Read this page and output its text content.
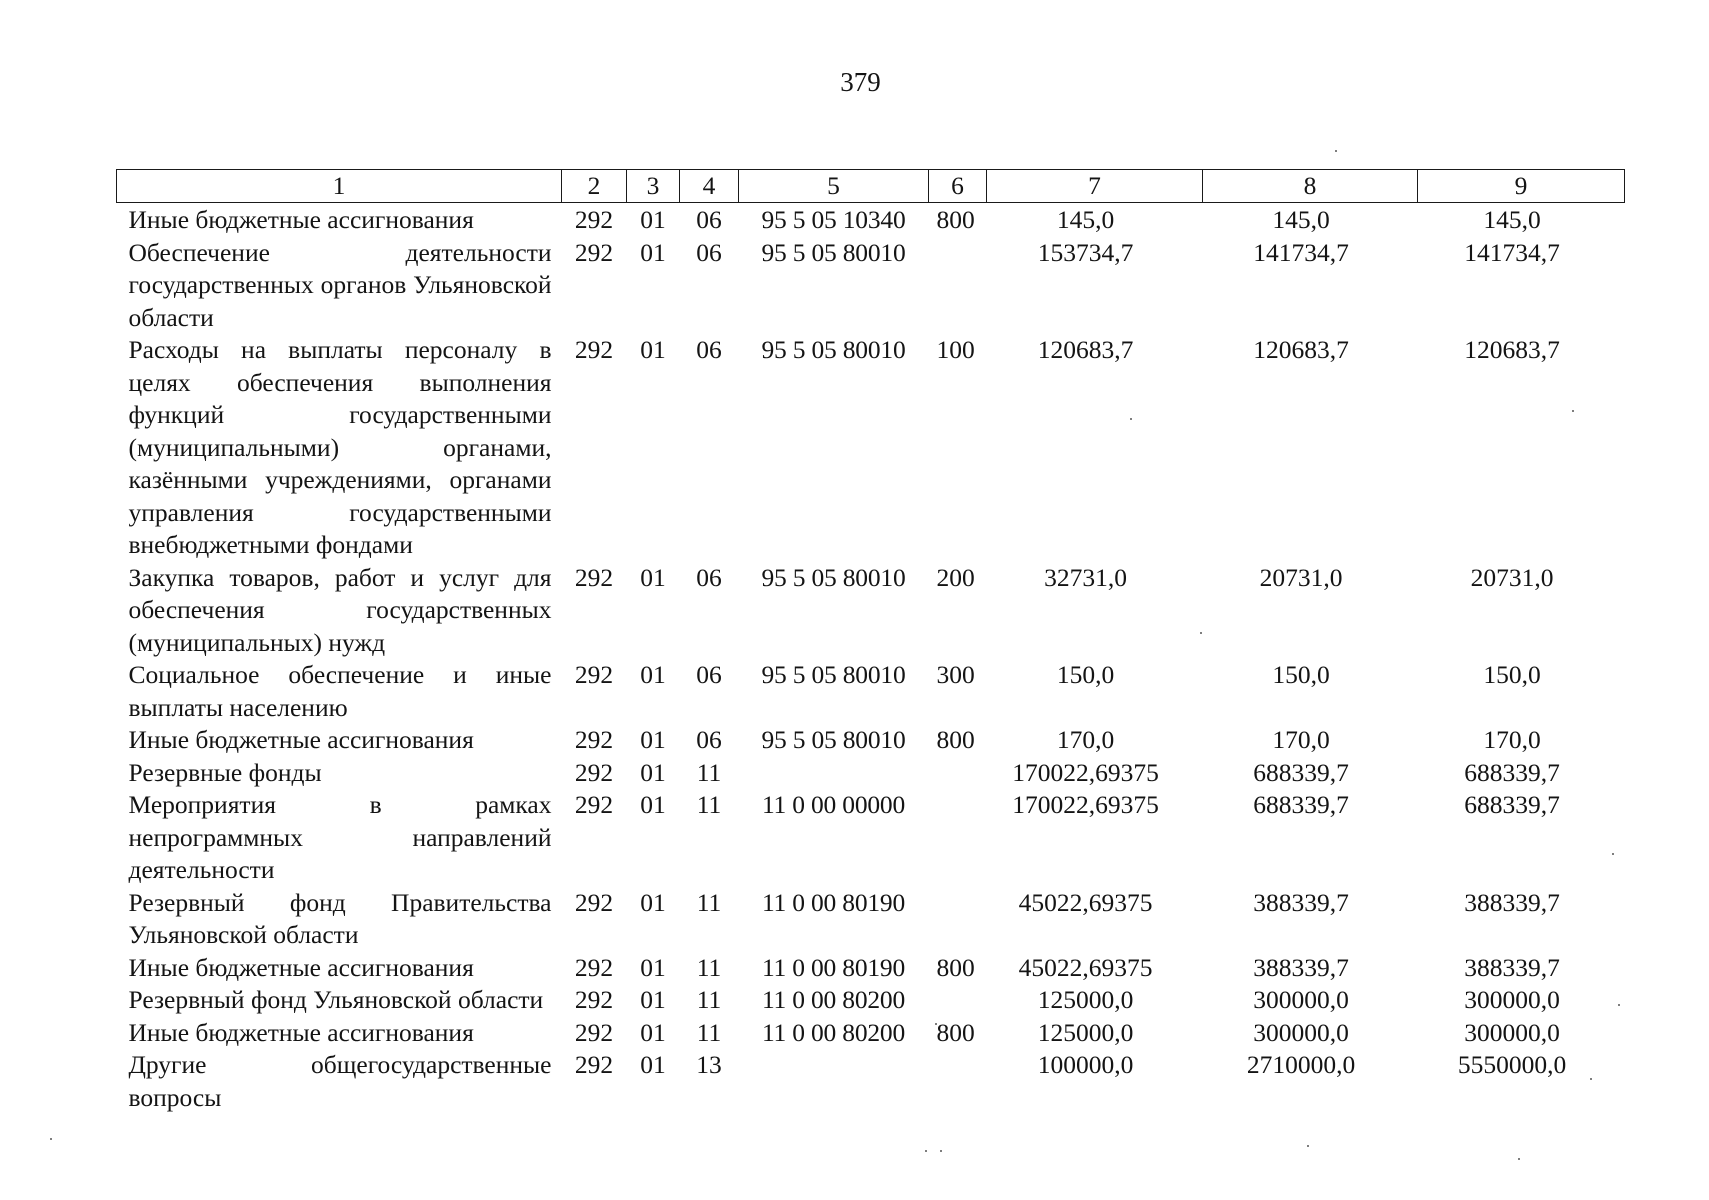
379
1	2	3	4	5	6	7	8	9
Иные бюджетные ассигнования	292	01	06	95 5 05 10340	800	145,0	145,0	145,0
Обеспечение деятельности государственных органов Ульяновской области	292	01	06	95 5 05 80010		153734,7	141734,7	141734,7
Расходы на выплаты персоналу в целях обеспечения выполнения функций государственными (муниципальными) органами, казёнными учреждениями, органами управления государственными внебюджетными фондами	292	01	06	95 5 05 80010	100	120683,7	120683,7	120683,7
Закупка товаров, работ и услуг для обеспечения государственных (муниципальных) нужд	292	01	06	95 5 05 80010	200	32731,0	20731,0	20731,0
Социальное обеспечение и иные выплаты населению	292	01	06	95 5 05 80010	300	150,0	150,0	150,0
Иные бюджетные ассигнования	292	01	06	95 5 05 80010	800	170,0	170,0	170,0
Резервные фонды	292	01	11			170022,69375	688339,7	688339,7
Мероприятия в рамках непрограммных направлений деятельности	292	01	11	11 0 00 00000		170022,69375	688339,7	688339,7
Резервный фонд Правительства Ульяновской области	292	01	11	11 0 00 80190		45022,69375	388339,7	388339,7
Иные бюджетные ассигнования	292	01	11	11 0 00 80190	800	45022,69375	388339,7	388339,7
Резервный фонд Ульяновской области	292	01	11	11 0 00 80200		125000,0	300000,0	300000,0
Иные бюджетные ассигнования	292	01	11	11 0 00 80200	800	125000,0	300000,0	300000,0
Другие общегосударственные вопросы	292	01	13			100000,0	2710000,0	5550000,0
